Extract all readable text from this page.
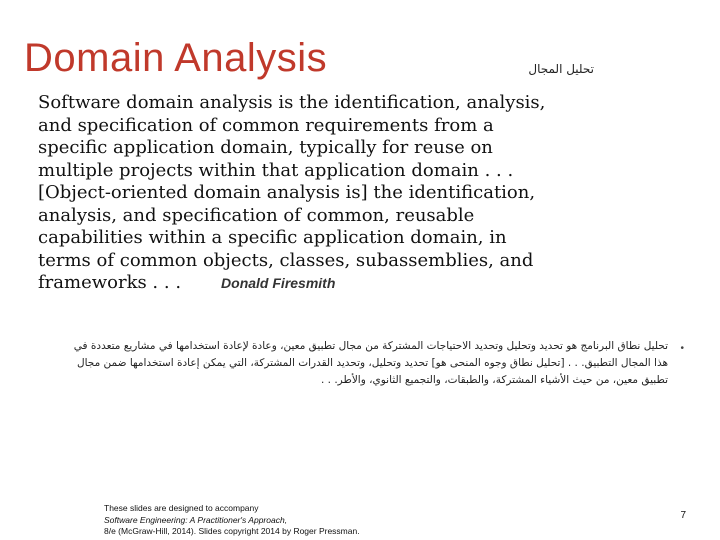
Domain Analysis	تحليل المجال
Software domain analysis is the identification, analysis,
and specification of common requirements from a
specific application domain, typically for reuse on
multiple projects within that application domain . . .
[Object-oriented domain analysis is] the identification,
analysis, and specification of common, reusable
capabilities within a specific application domain, in
terms of common objects, classes, subassemblies, and
frameworks . . .	Donald Firesmith
•
تحليل نطاق البرنامج هو تحديد وتحليل وتحديد الاحتياجات المشتركة من مجال تطبيق معين، وعادة لإعادة استخدامها في مشاريع متعددة في
هذا المجال التطبيق. . . [تحليل نطاق وجوه المنحى هو] تحديد وتحليل، وتحديد القدرات المشتركة، التي يمكن إعادة استخدامها ضمن مجال
تطبيق معين، من حيث الأشياء المشتركة، والطبقات، والتجميع الثانوي، والأطر. . .
These slides are designed to accompany
Software Engineering: A Practitioner's Approach,
8/e (McGraw-Hill, 2014). Slides copyright 2014 by Roger Pressman.
7
